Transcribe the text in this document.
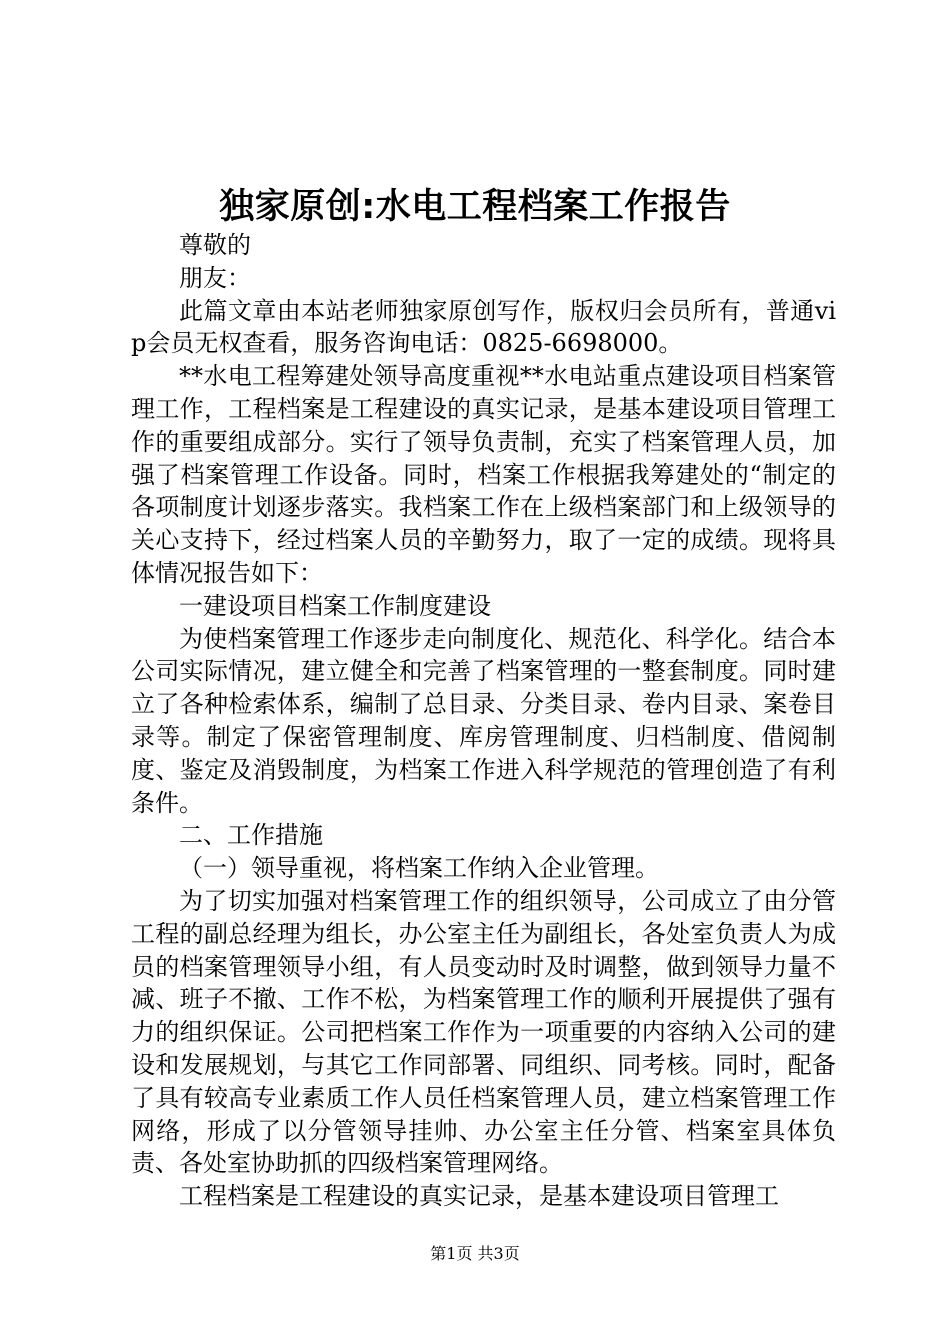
独家原创:水电工程档案工作报告

尊敬的

朋友：

此篇文章由本站老师独家原创写作，版权归会员所有，普通vip会员无权查看，服务咨询电话：0825-6698000。

**水电工程筹建处领导高度重视**水电站重点建设项目档案管理工作，工程档案是工程建设的真实记录，是基本建设项目管理工作的重要组成部分。实行了领导负责制，充实了档案管理人员，加强了档案管理工作设备。同时，档案工作根据我筹建处的“制定的各项制度计划逐步落实。我档案工作在上级档案部门和上级领导的关心支持下，经过档案人员的辛勤努力，取了一定的成绩。现将具体情况报告如下：

一建设项目档案工作制度建设

为使档案管理工作逐步走向制度化、规范化、科学化。结合本公司实际情况，建立健全和完善了档案管理的一整套制度。同时建立了各种检索体系，编制了总目录、分类目录、卷内目录、案卷目录等。制定了保密管理制度、库房管理制度、归档制度、借阅制度、鉴定及消毁制度，为档案工作进入科学规范的管理创造了有利条件。

二、工作措施

（一）领导重视，将档案工作纳入企业管理。

为了切实加强对档案管理工作的组织领导，公司成立了由分管工程的副总经理为组长，办公室主任为副组长，各处室负责人为成员的档案管理领导小组，有人员变动时及时调整，做到领导力量不减、班子不撤、工作不松，为档案管理工作的顺利开展提供了强有力的组织保证。公司把档案工作作为一项重要的内容纳入公司的建设和发展规划，与其它工作同部署、同组织、同考核。同时，配备了具有较高专业素质工作人员任档案管理人员，建立档案管理工作网络，形成了以分管领导挂帅、办公室主任分管、档案室具体负责、各处室协助抓的四级档案管理网络。

工程档案是工程建设的真实记录，是基本建设项目管理工

第1页 共3页
